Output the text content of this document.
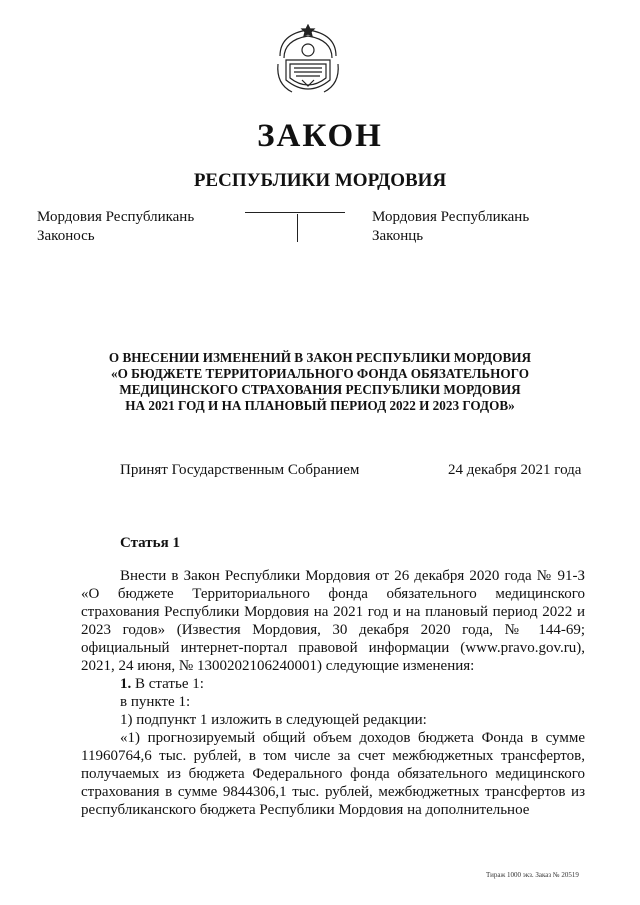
ЗАКОН
РЕСПУБЛИКИ МОРДОВИЯ
Мордовия Республикань
Законось
Мордовия Республикань
Законць
О ВНЕСЕНИИ ИЗМЕНЕНИЙ В ЗАКОН РЕСПУБЛИКИ МОРДОВИЯ
«О БЮДЖЕТЕ ТЕРРИТОРИАЛЬНОГО ФОНДА ОБЯЗАТЕЛЬНОГО
МЕДИЦИНСКОГО СТРАХОВАНИЯ РЕСПУБЛИКИ МОРДОВИЯ
НА 2021 ГОД И НА ПЛАНОВЫЙ ПЕРИОД 2022 И 2023 ГОДОВ»
Принят Государственным Собранием	24 декабря 2021 года
Статья 1

Внести в Закон Республики Мордовия от 26 декабря 2020 года № 91-З «О бюджете Территориального фонда обязательного медицинского страхования Республики Мордовия на 2021 год и на плановый период 2022 и 2023 годов» (Известия Мордовия, 30 декабря 2020 года, № 144-69; официальный интернет-портал правовой информации (www.pravo.gov.ru), 2021, 24 июня, № 1300202106240001) следующие изменения:

1. В статье 1:

в пункте 1:

1) подпункт 1 изложить в следующей редакции:

«1) прогнозируемый общий объем доходов бюджета Фонда в сумме 11960764,6 тыс. рублей, в том числе за счет межбюджетных трансфертов, получаемых из бюджета Федерального фонда обязательного медицинского страхования в сумме 9844306,1 тыс. рублей, межбюджетных трансфертов из республиканского бюджета Республики Мордовия на дополнительное

Тираж 1000 экз. Заказ № 20519
